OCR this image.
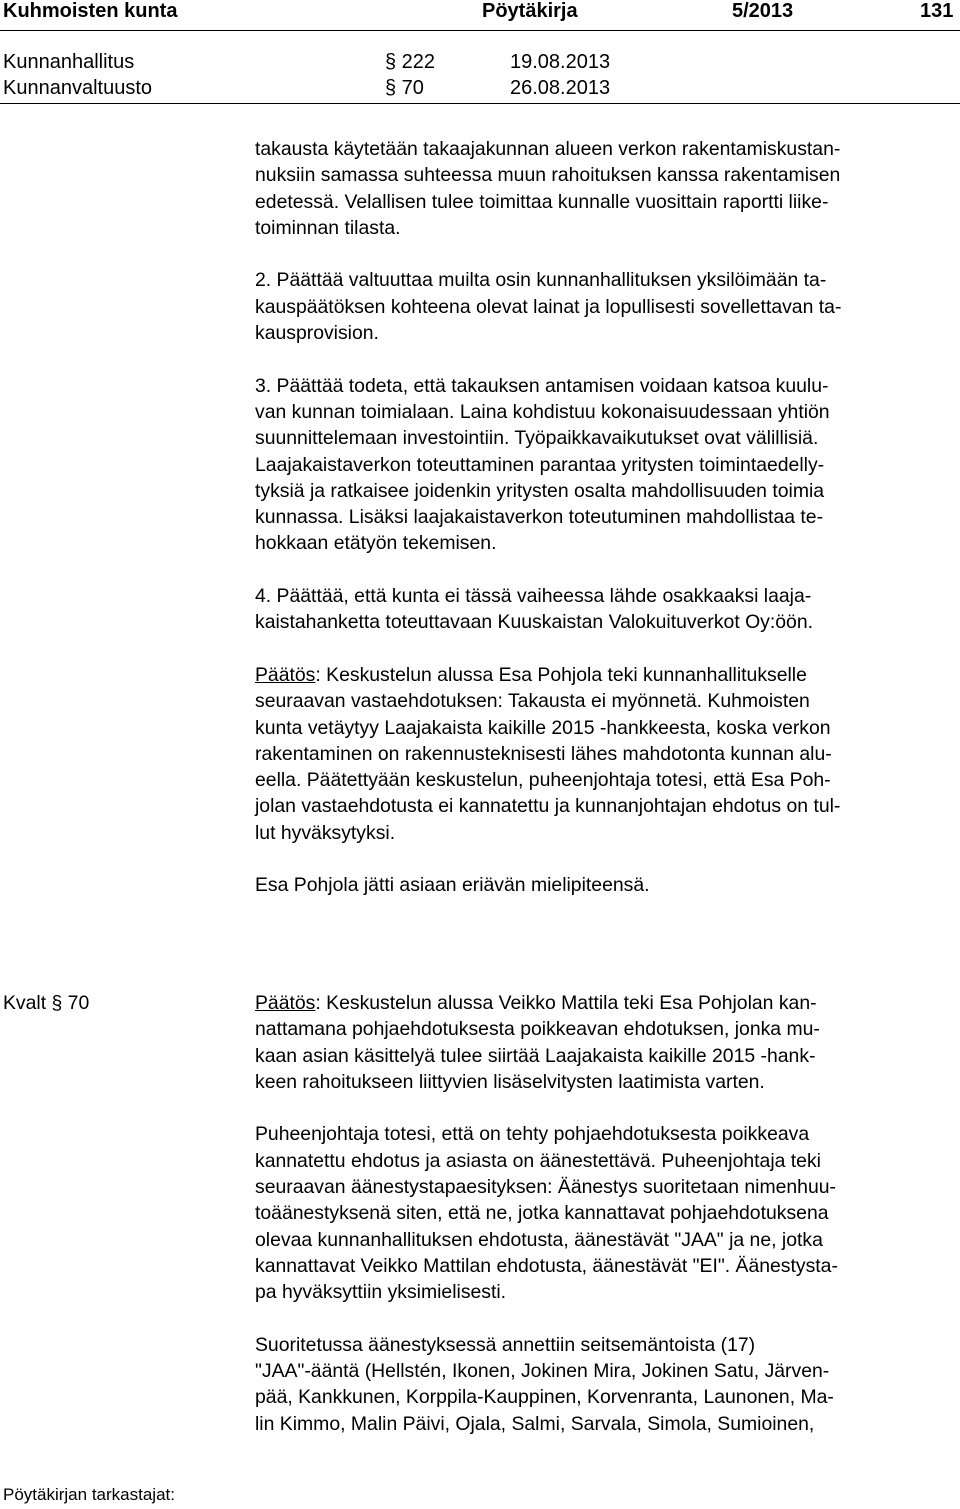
Kuhmoisten kunta	Pöytäkirja	5/2013	131
Kunnanhallitus	§ 222	19.08.2013
Kunnanvaltuusto	§ 70	26.08.2013

takausta käytetään takaajakunnan alueen verkon rakentamiskustan-
nuksiin samassa suhteessa muun rahoituksen kanssa rakentamisen
edetessä. Velallisen tulee toimittaa kunnalle vuosittain raportti liike-
toiminnan tilasta.

2. Päättää valtuuttaa muilta osin kunnanhallituksen yksilöimään ta-
kauspäätöksen kohteena olevat lainat ja lopullisesti sovellettavan ta-
kausprovision.

3. Päättää todeta, että takauksen antamisen voidaan katsoa kuulu-
van kunnan toimialaan. Laina kohdistuu kokonaisuudessaan yhtiön
suunnittelemaan investointiin. Työpaikkavaikutukset ovat välillisiä.
Laajakaistaverkon toteuttaminen parantaa yritysten toimintaedelly-
tyksiä ja ratkaisee joidenkin yritysten osalta mahdollisuuden toimia
kunnassa. Lisäksi laajakaistaverkon toteutuminen mahdollistaa te-
hokkaan etätyön tekemisen.

4. Päättää, että kunta ei tässä vaiheessa lähde osakkaaksi laaja-
kaistahanketta toteuttavaan Kuuskaistan Valokuituverkot Oy:öön.

Päätös: Keskustelun alussa Esa Pohjola teki kunnanhallitukselle
seuraavan vastaehdotuksen: Takausta ei myönnetä. Kuhmoisten
kunta vetäytyy Laajakaista kaikille 2015 -hankkeesta, koska verkon
rakentaminen on rakennusteknisesti lähes mahdotonta kunnan alu-
eella. Päätettyään keskustelun, puheenjohtaja totesi, että Esa Poh-
jolan vastaehdotusta ei kannatettu ja kunnanjohtajan ehdotus on tul-
lut hyväksytyksi.

Esa Pohjola jätti asiaan eriävän mielipiteensä.

Kvalt § 70	Päätös: Keskustelun alussa Veikko Mattila teki Esa Pohjolan kan-
nattamana pohjaehdotuksesta poikkeavan ehdotuksen, jonka mu-
kaan asian käsittelyä tulee siirtää Laajakaista kaikille 2015 -hank-
keen rahoitukseen liittyvien lisäselvitysten laatimista varten.

Puheenjohtaja totesi, että on tehty pohjaehdotuksesta poikkeava
kannatettu ehdotus ja asiasta on äänestettävä. Puheenjohtaja teki
seuraavan äänestystapaesityksen: Äänestys suoritetaan nimenhuu-
toäänestyksenä siten, että ne, jotka kannattavat pohjaehdotuksena
olevaa kunnanhallituksen ehdotusta, äänestävät "JAA" ja ne, jotka
kannattavat Veikko Mattilan ehdotusta, äänestävät "EI". Äänestysta-
pa hyväksyttiin yksimielisesti.

Suoritetussa äänestyksessä annettiin seitsemäntoista (17)
"JAA"-ääntä (Hellstén, Ikonen, Jokinen Mira, Jokinen Satu, Järven-
pää, Kankkunen, Korppila-Kauppinen, Korvenranta, Launonen, Ma-
lin Kimmo, Malin Päivi, Ojala, Salmi, Sarvala, Simola, Sumioinen,

Pöytäkirjan tarkastajat:
